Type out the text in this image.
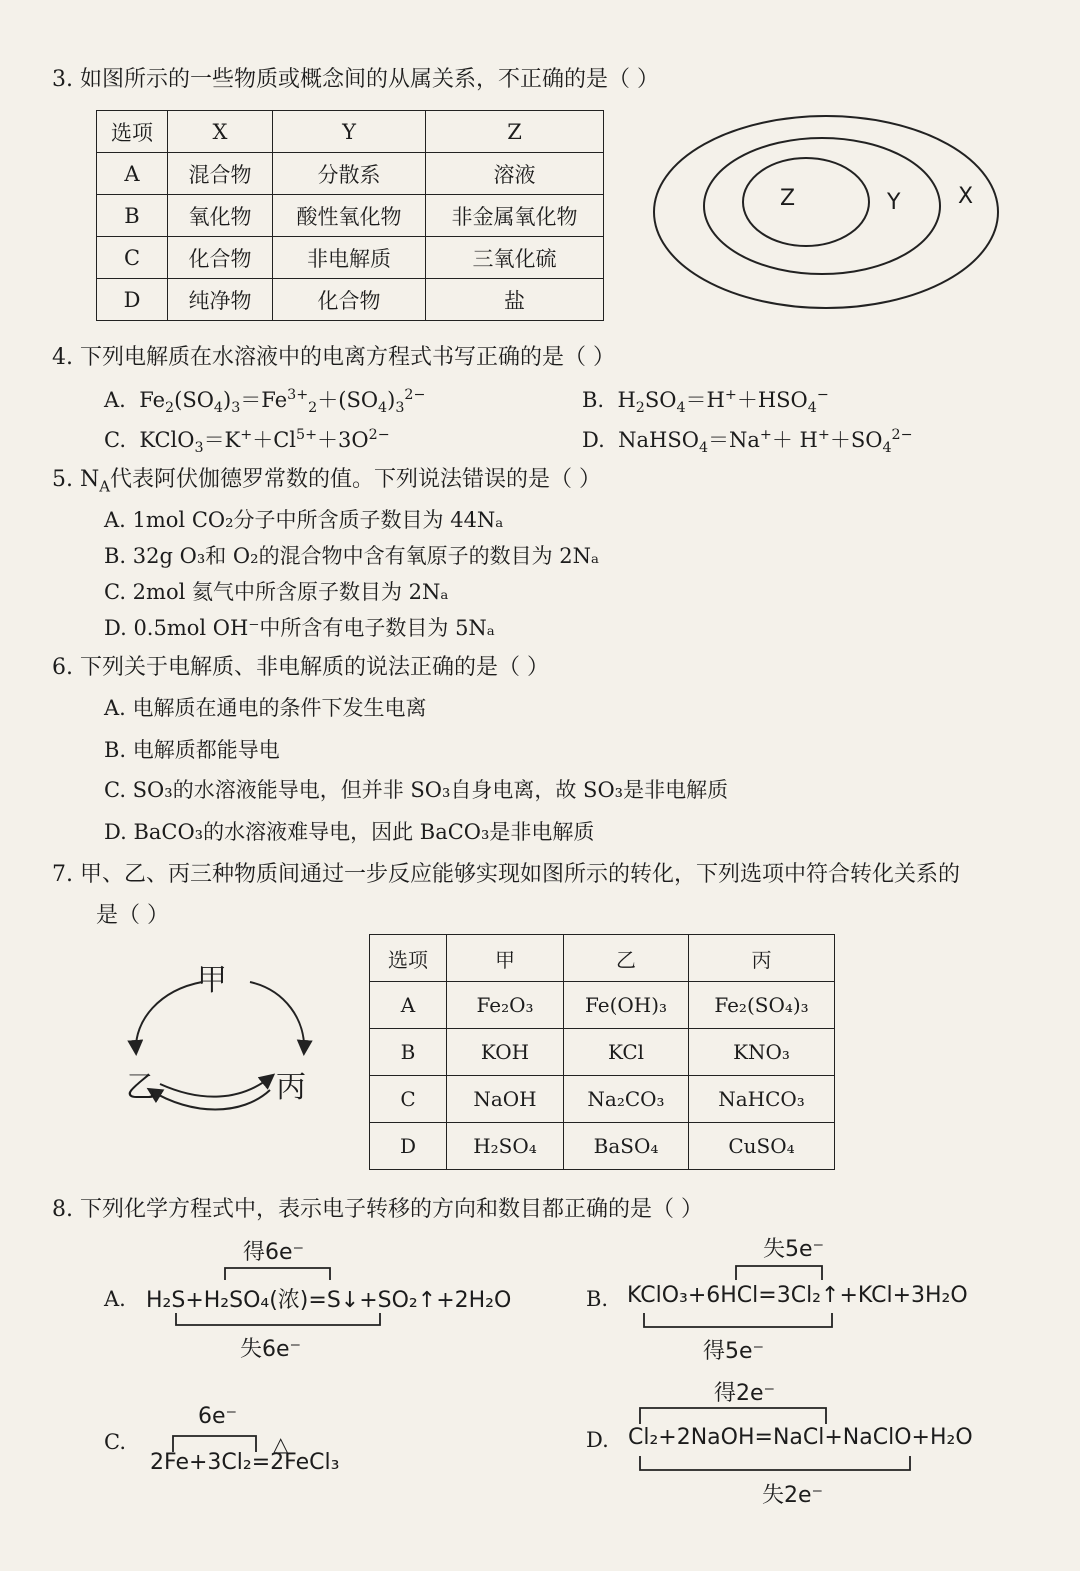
3. 如图所示的一些物质或概念间的从属关系，不正确的是（ ）
选项	X	Y	Z
A	混合物	分散系	溶液
B	氧化物	酸性氧化物	非金属氧化物
C	化合物	非电解质	三氧化硫
D	纯净物	化合物	盐
Z	Y	X
4. 下列电解质在水溶液中的电离方程式书写正确的是（ ）
A.  $Fe_2(SO_4)_3=Fe^{3+}_2+(SO_4)_3^{2-}$	B.  $H_2SO_4=H^++HSO_4^-$
C.  $KClO_3=K^++Cl^{5+}+3O^{2-}$	D.  NaHSO$_4$＝Na+＋ $H^++SO_4^{2-}$
5. $N_A$代表阿伏伽德罗常数的值。下列说法错误的是（ ）
A. 1mol CO₂分子中所含质子数目为 44Nₐ
B. 32g O₃和 O₂的混合物中含有氧原子的数目为 2Nₐ
C. 2mol 氦气中所含原子数目为 2Nₐ
D. 0.5mol OH⁻中所含有电子数目为 5Nₐ
6. 下列关于电解质、非电解质的说法正确的是（ ）
A. 电解质在通电的条件下发生电离
B. 电解质都能导电
C. SO₃的水溶液能导电，但并非 SO₃自身电离，故 SO₃是非电解质
D. BaCO₃的水溶液难导电，因此 BaCO₃是非电解质
7. 甲、乙、丙三种物质间通过一步反应能够实现如图所示的转化，下列选项中符合转化关系的
是（ ）
甲
乙	丙
选项	甲	乙	丙
A	Fe₂O₃	Fe(OH)₃	Fe₂(SO₄)₃
B	KOH	KCl	KNO₃
C	NaOH	Na₂CO₃	NaHCO₃
D	H₂SO₄	BaSO₄	CuSO₄
8. 下列化学方程式中，表示电子转移的方向和数目都正确的是（ ）
A.
得6e⁻
H₂S+H₂SO₄(浓)=S↓+SO₂↑+2H₂O
失6e⁻
B.
失5e⁻
KClO₃+6HCl=3Cl₂↑+KCl+3H₂O
得5e⁻
C.
6e⁻
△
2Fe+3Cl₂=2FeCl₃
D.
得2e⁻
Cl₂+2NaOH=NaCl+NaClO+H₂O
失2e⁻
